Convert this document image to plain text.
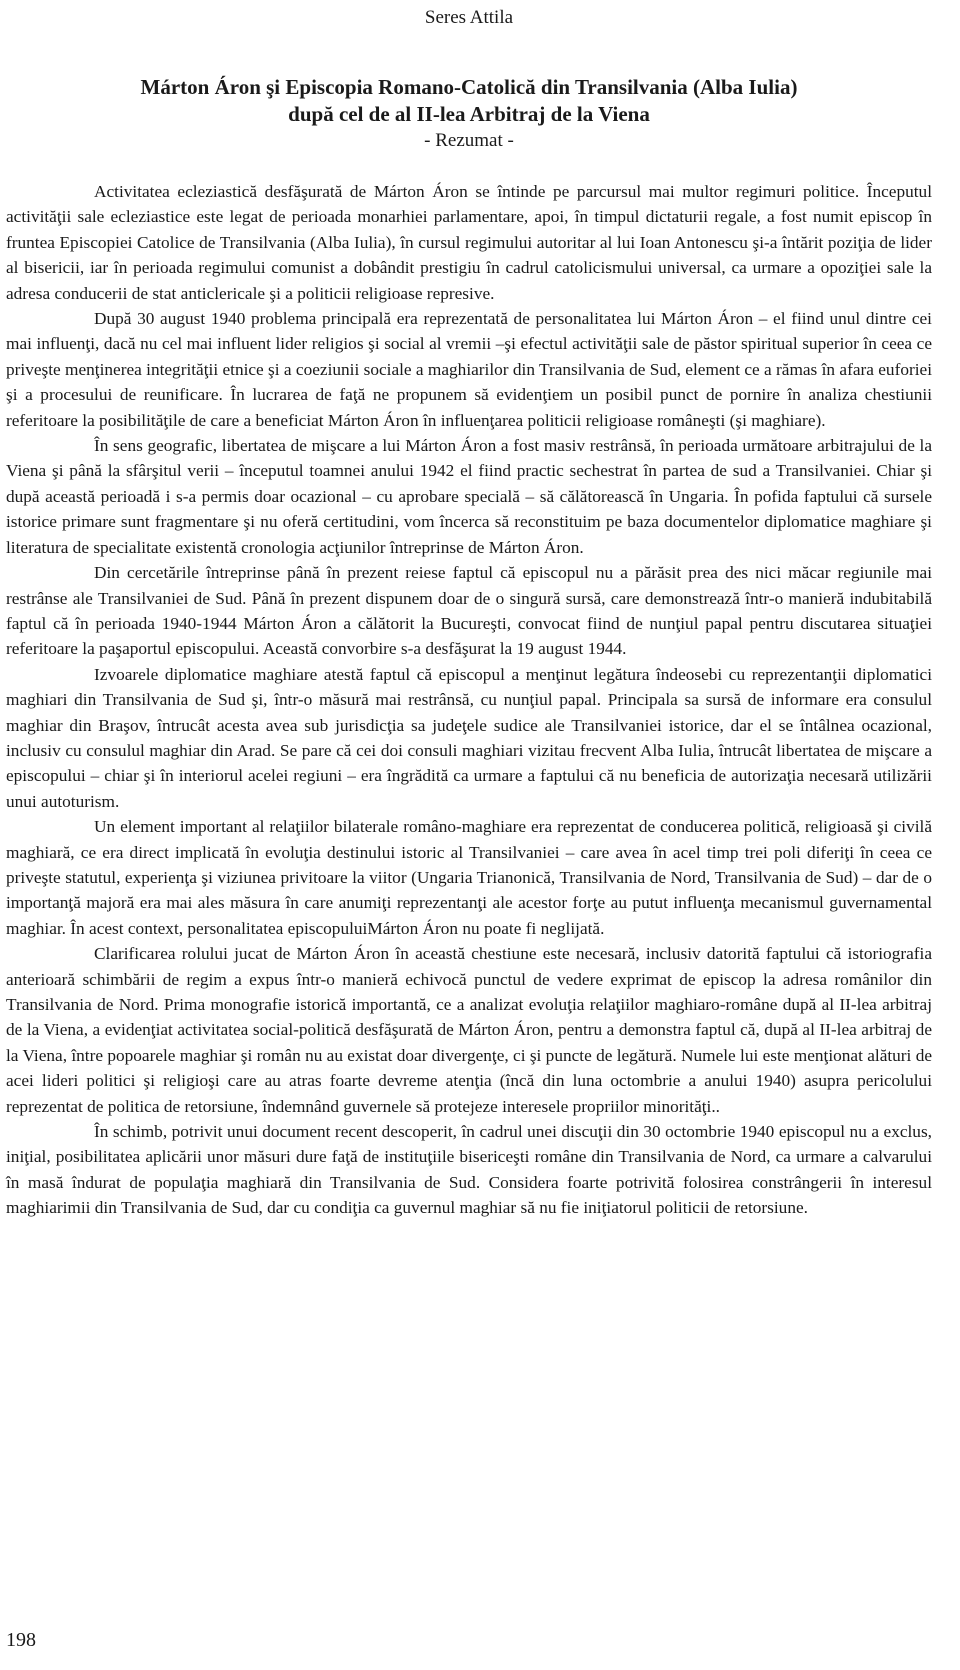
Seres Attila
Márton Áron şi Episcopia Romano-Catolică din Transilvania (Alba Iulia)
după cel de al II-lea Arbitraj de la Viena
- Rezumat -

Activitatea ecleziastică desfăşurată de Márton Áron se întinde pe parcursul mai multor regimuri politice. Începutul activităţii sale ecleziastice este legat de perioada monarhiei parlamentare, apoi, în timpul dictaturii regale, a fost numit episcop în fruntea Episcopiei Catolice de Transilvania (Alba Iulia), în cursul regimului autoritar al lui Ioan Antonescu şi-a întărit poziţia de lider al bisericii, iar în perioada regimului comunist a dobândit prestigiu în cadrul catolicismului universal, ca urmare a opoziţiei sale la adresa conducerii de stat anticlericale şi a politicii religioase represive.

După 30 august 1940 problema principală era reprezentată de personalitatea lui Márton Áron – el fiind unul dintre cei mai influenţi, dacă nu cel mai influent lider religios şi social al vremii –şi efectul activităţii sale de păstor spiritual superior în ceea ce priveşte menţinerea integrităţii etnice şi a coeziunii sociale a maghiarilor din Transilvania de Sud, element ce a rămas în afara euforiei şi a procesului de reunificare. În lucrarea de faţă ne propunem să evidenţiem un posibil punct de pornire în analiza chestiunii referitoare la posibilităţile de care a beneficiat Márton Áron în influenţarea politicii religioase româneşti (şi maghiare).

În sens geografic, libertatea de mişcare a lui Márton Áron a fost masiv restrânsă, în perioada următoare arbitrajului de la Viena şi până la sfârşitul verii – începutul toamnei anului 1942 el fiind practic sechestrat în partea de sud a Transilvaniei. Chiar şi după această perioadă i s-a permis doar ocazional – cu aprobare specială – să călătorească în Ungaria. În pofida faptului că sursele istorice primare sunt fragmentare şi nu oferă certitudini, vom încerca să reconstituim pe baza documentelor diplomatice maghiare şi literatura de specialitate existentă cronologia acţiunilor întreprinse de Márton Áron.

Din cercetările întreprinse până în prezent reiese faptul că episcopul nu a părăsit prea des nici măcar regiunile mai restrânse ale Transilvaniei de Sud. Până în prezent dispunem doar de o singură sursă, care demonstrează într-o manieră indubitabilă faptul că în perioada 1940-1944 Márton Áron a călătorit la Bucureşti, convocat fiind de nunţiul papal pentru discutarea situaţiei referitoare la paşaportul episcopului. Această convorbire s-a desfăşurat la 19 august 1944.

Izvoarele diplomatice maghiare atestă faptul că episcopul a menţinut legătura îndeosebi cu reprezentanţii diplomatici maghiari din Transilvania de Sud şi, într-o măsură mai restrânsă, cu nunţiul papal. Principala sa sursă de informare era consulul maghiar din Braşov, întrucât acesta avea sub jurisdicţia sa judeţele sudice ale Transilvaniei istorice, dar el se întâlnea ocazional, inclusiv cu consulul maghiar din Arad. Se pare că cei doi consuli maghiari vizitau frecvent Alba Iulia, întrucât libertatea de mişcare a episcopului – chiar şi în interiorul acelei regiuni – era îngrădită ca urmare a faptului că nu beneficia de autorizaţia necesară utilizării unui autoturism.

Un element important al relaţiilor bilaterale româno-maghiare era reprezentat de conducerea politică, religioasă şi civilă maghiară, ce era direct implicată în evoluţia destinului istoric al Transilvaniei – care avea în acel timp trei poli diferiţi în ceea ce priveşte statutul, experienţa şi viziunea privitoare la viitor (Ungaria Trianonică, Transilvania de Nord, Transilvania de Sud) – dar de o importanţă majoră era mai ales măsura în care anumiţi reprezentanţi ale acestor forţe au putut influenţa mecanismul guvernamental maghiar. În acest context, personalitatea episcopuluiMárton Áron nu poate fi neglijată.

Clarificarea rolului jucat de Márton Áron în această chestiune este necesară, inclusiv datorită faptului că istoriografia anterioară schimbării de regim a expus într-o manieră echivocă punctul de vedere exprimat de episcop la adresa românilor din Transilvania de Nord. Prima monografie istorică importantă, ce a analizat evoluţia relaţiilor maghiaro-române după al II-lea arbitraj de la Viena, a evidenţiat activitatea social-politică desfăşurată de Márton Áron, pentru a demonstra faptul că, după al II-lea arbitraj de la Viena, între popoarele maghiar şi român nu au existat doar divergenţe, ci şi puncte de legătură. Numele lui este menţionat alături de acei lideri politici şi religioşi care au atras foarte devreme atenţia (încă din luna octombrie a anului 1940) asupra pericolului reprezentat de politica de retorsiune, îndemnând guvernele să protejeze interesele propriilor minorităţi..

În schimb, potrivit unui document recent descoperit, în cadrul unei discuţii din 30 octombrie 1940 episcopul nu a exclus, iniţial, posibilitatea aplicării unor măsuri dure faţă de instituţiile bisericeşti române din Transilvania de Nord, ca urmare a calvarului în masă îndurat de populaţia maghiară din Transilvania de Sud. Considera foarte potrivită folosirea constrângerii în interesul maghiarimii din Transilvania de Sud, dar cu condiţia ca guvernul maghiar să nu fie iniţiatorul politicii de retorsiune.

198
